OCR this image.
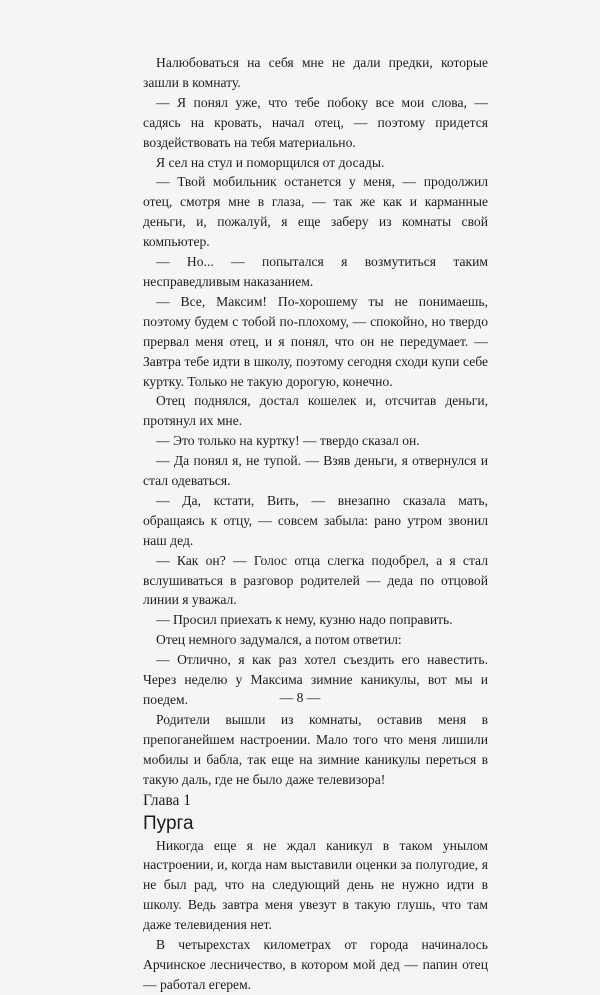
Налюбоваться на себя мне не дали предки, которые зашли в комнату.

— Я понял уже, что тебе побоку все мои слова, — садясь на кровать, начал отец, — поэтому придется воздействовать на тебя материально.

Я сел на стул и поморщился от досады.

— Твой мобильник останется у меня, — продолжил отец, смотря мне в глаза, — так же как и карманные деньги, и, пожалуй, я еще заберу из комнаты свой компьютер.

— Но... — попытался я возмутиться таким несправедливым наказанием.

— Все, Максим! По-хорошему ты не понимаешь, поэтому будем с тобой по-плохому, — спокойно, но твердо прервал меня отец, и я понял, что он не передумает. — Завтра тебе идти в школу, поэтому сегодня сходи купи себе куртку. Только не такую дорогую, конечно.

Отец поднялся, достал кошелек и, отсчитав деньги, протянул их мне.

— Это только на куртку! — твердо сказал он.

— Да понял я, не тупой. — Взяв деньги, я отвернулся и стал одеваться.

— Да, кстати, Вить, — внезапно сказала мать, обращаясь к отцу, — совсем забыла: рано утром звонил наш дед.

— Как он? — Голос отца слегка подобрел, а я стал вслушиваться в разговор родителей — деда по отцовой линии я уважал.

— Просил приехать к нему, кузню надо поправить.

Отец немного задумался, а потом ответил:

— Отлично, я как раз хотел съездить его навестить. Через неделю у Максима зимние каникулы, вот мы и поедем.

Родители вышли из комнаты, оставив меня в препоганейшем настроении. Мало того что меня лишили мобилы и бабла, так еще на зимние каникулы переться в такую даль, где не было даже телевизора!

Глава 1

Пурга

Никогда еще я не ждал каникул в таком унылом настроении, и, когда нам выставили оценки за полугодие, я не был рад, что на следующий день не нужно идти в школу. Ведь завтра меня увезут в такую глушь, что там даже телевидения нет.

В четырехстах километрах от города начиналось Арчинское лесничество, в котором мой дед — папин отец — работал егерем.

— 8 —
